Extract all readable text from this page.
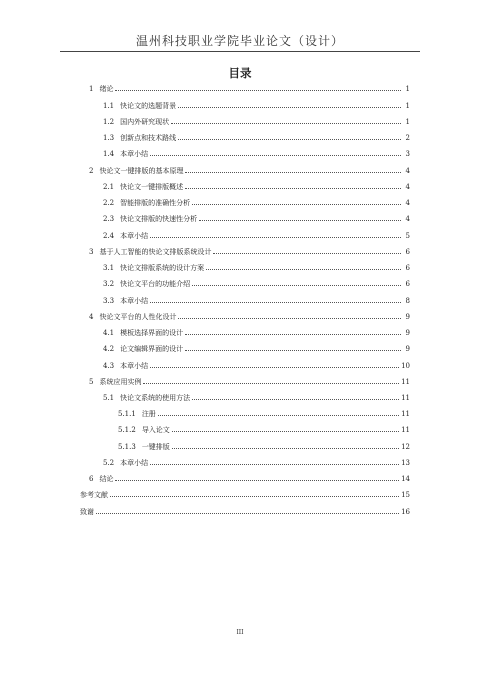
温州科技职业学院毕业论文（设计）
目录
1 绪论	1
1.1 快论文的选题背景	1
1.2 国内外研究现状	1
1.3 创新点和技术路线	2
1.4 本章小结	3
2 快论文一键排版的基本原理	4
2.1 快论文一键排版概述	4
2.2 智能排版的准确性分析	4
2.3 快论文排版的快速性分析	4
2.4 本章小结	5
3 基于人工智能的快论文排版系统设计	6
3.1 快论文排版系统的设计方案	6
3.2 快论文平台的功能介绍	6
3.3 本章小结	8
4 快论文平台的人性化设计	9
4.1 模板选择界面的设计	9
4.2 论文编辑界面的设计	9
4.3 本章小结	10
5 系统应用实例	11
5.1 快论文系统的使用方法	11
5.1.1 注册	11
5.1.2 导入论文	11
5.1.3 一键排版	12
5.2 本章小结	13
6 结论	14
参考文献	15
致谢	16
III
